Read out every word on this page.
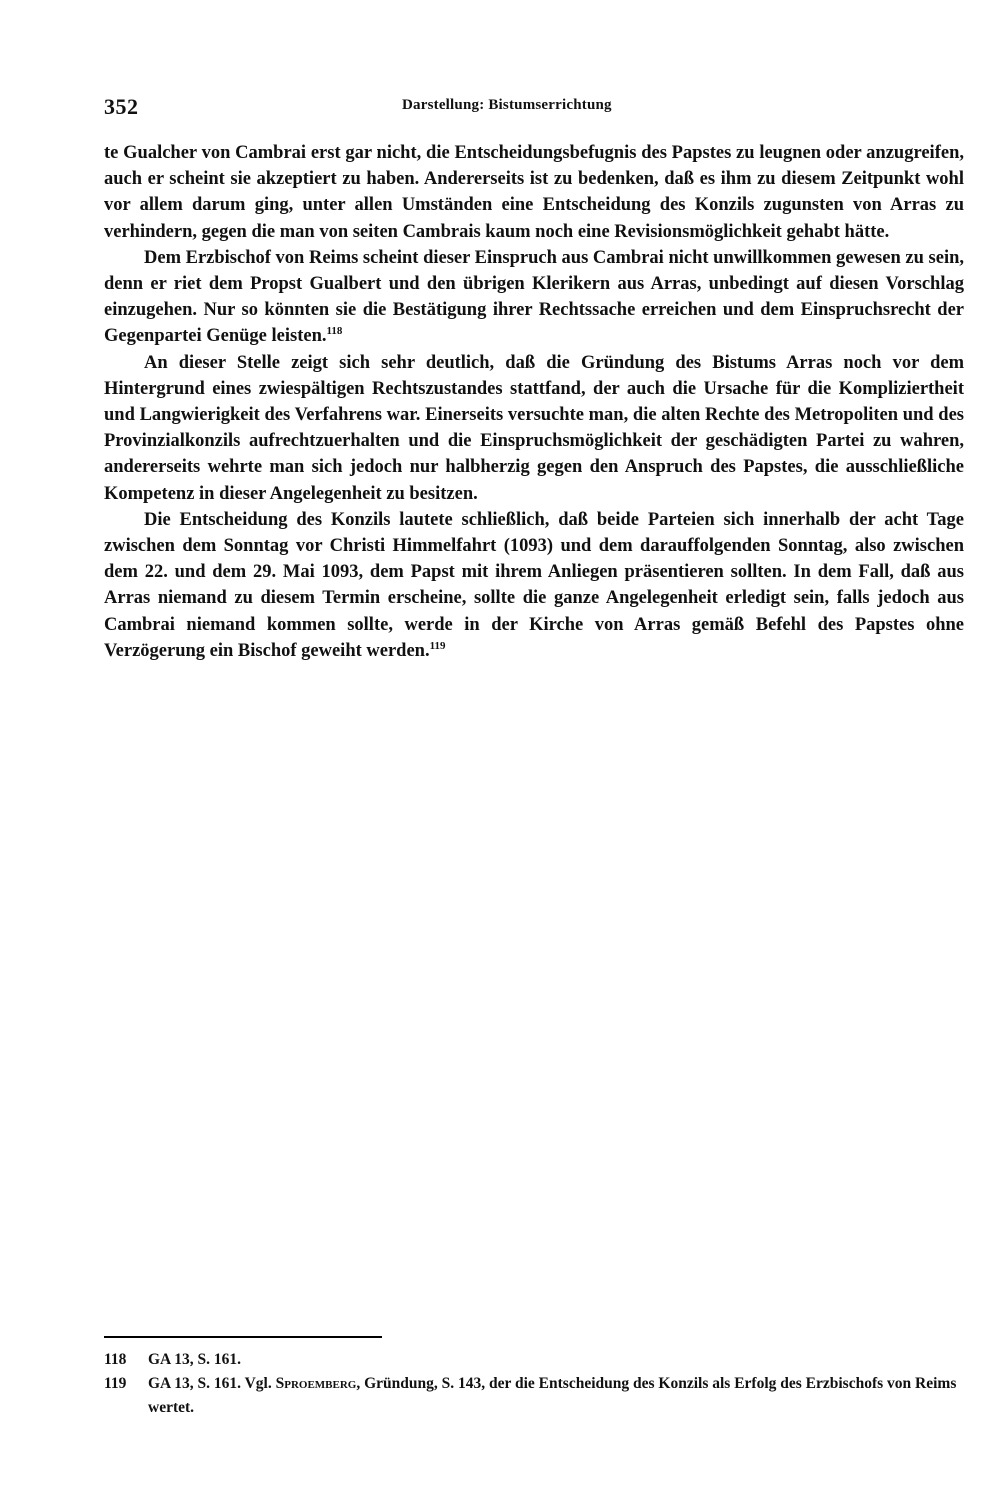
352	Darstellung: Bistumserrichtung

te Gualcher von Cambrai erst gar nicht, die Entscheidungsbefugnis des Papstes zu leugnen oder anzugreifen, auch er scheint sie akzeptiert zu haben. Andererseits ist zu bedenken, daß es ihm zu diesem Zeitpunkt wohl vor allem darum ging, unter allen Umständen eine Entscheidung des Konzils zugunsten von Arras zu verhindern, gegen die man von seiten Cambrais kaum noch eine Revisionsmöglichkeit gehabt hätte.

Dem Erzbischof von Reims scheint dieser Einspruch aus Cambrai nicht unwillkommen gewesen zu sein, denn er riet dem Propst Gualbert und den übrigen Klerikern aus Arras, unbedingt auf diesen Vorschlag einzugehen. Nur so könnten sie die Bestätigung ihrer Rechtssache erreichen und dem Einspruchsrecht der Gegenpartei Genüge leisten.$^{118}$

An dieser Stelle zeigt sich sehr deutlich, daß die Gründung des Bistums Arras noch vor dem Hintergrund eines zwiespältigen Rechtszustandes stattfand, der auch die Ursache für die Kompliziertheit und Langwierigkeit des Verfahrens war. Einerseits versuchte man, die alten Rechte des Metropoliten und des Provinzialkonzils aufrechtzuerhalten und die Einspruchsmöglichkeit der geschädigten Partei zu wahren, andererseits wehrte man sich jedoch nur halbherzig gegen den Anspruch des Papstes, die ausschließliche Kompetenz in dieser Angelegenheit zu besitzen.

Die Entscheidung des Konzils lautete schließlich, daß beide Parteien sich innerhalb der acht Tage zwischen dem Sonntag vor Christi Himmelfahrt (1093) und dem darauffolgenden Sonntag, also zwischen dem 22. und dem 29. Mai 1093, dem Papst mit ihrem Anliegen präsentieren sollten. In dem Fall, daß aus Arras niemand zu diesem Termin erscheine, sollte die ganze Angelegenheit erledigt sein, falls jedoch aus Cambrai niemand kommen sollte, werde in der Kirche von Arras gemäß Befehl des Papstes ohne Verzögerung ein Bischof geweiht werden.$^{119}$

118	GA 13, S. 161.
119	GA 13, S. 161. Vgl. Sproemberg, Gründung, S. 143, der die Entscheidung des Konzils als Erfolg des Erzbischofs von Reims wertet.
